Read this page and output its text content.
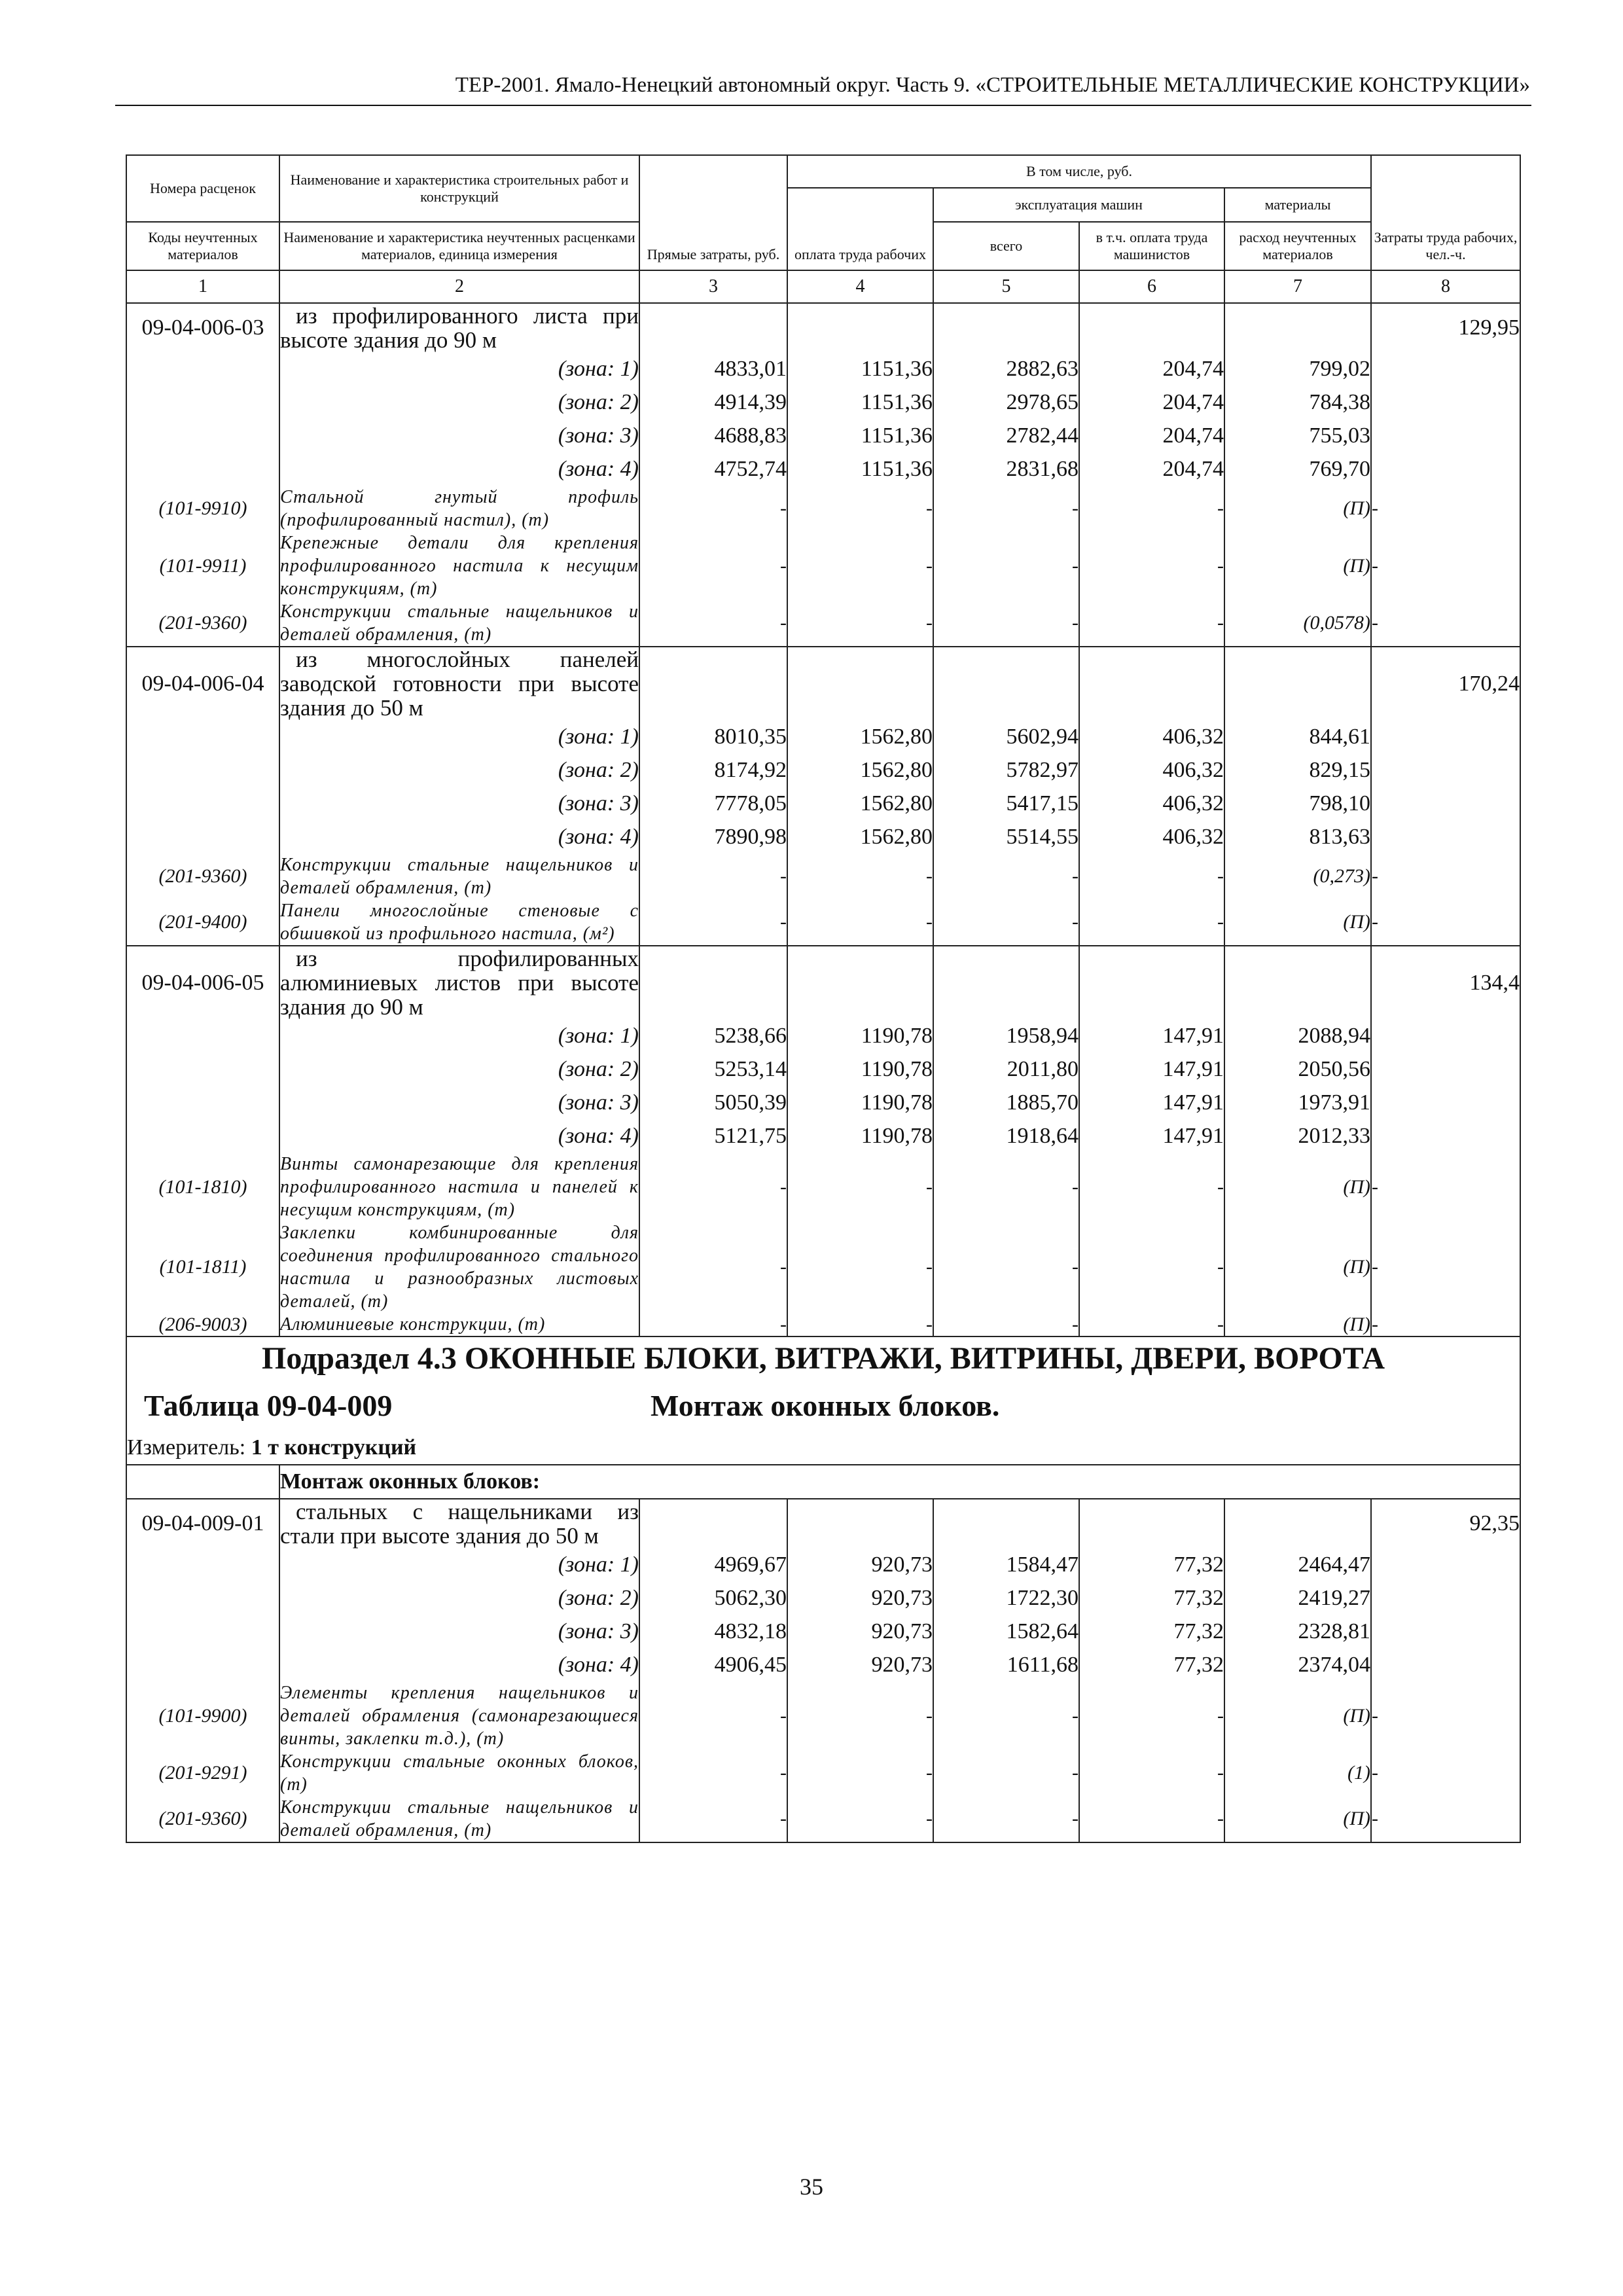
ТЕР-2001. Ямало-Ненецкий автономный округ. Часть 9. «СТРОИТЕЛЬНЫЕ МЕТАЛЛИЧЕСКИЕ КОНСТРУКЦИИ»
Номера расценок	Наименование и характеристика строительных работ и конструкций	Прямые затраты, руб.	В том числе, руб.				Затраты труда рабочих, чел.-ч.
			оплата труда рабочих	эксплуатация машин		материалы	
Коды неучтенных материалов	Наименование и характеристика неучтенных расценками материалов, единица измерения			всего	в т.ч. оплата труда машинистов	расход неучтенных материалов	
1	2	3	4	5	6	7	8
09-04-006-03	из профилированного листа при высоте здания до 90 м						129,95
	(зона: 1)	4833,01	1151,36	2882,63	204,74	799,02	
	(зона: 2)	4914,39	1151,36	2978,65	204,74	784,38	
	(зона: 3)	4688,83	1151,36	2782,44	204,74	755,03	
	(зона: 4)	4752,74	1151,36	2831,68	204,74	769,70	
(101-9910)	Стальной гнутый профиль (профилированный настил), (т)	-	-	-	-	(П)	-
(101-9911)	Крепежные детали для крепления профилированного настила к несущим конструкциям, (т)	-	-	-	-	(П)	-
(201-9360)	Конструкции стальные нащельников и деталей обрамления, (т)	-	-	-	-	(0,0578)	-
09-04-006-04	из многослойных панелей заводской готовности при высоте здания до 50 м						170,24
	(зона: 1)	8010,35	1562,80	5602,94	406,32	844,61	
	(зона: 2)	8174,92	1562,80	5782,97	406,32	829,15	
	(зона: 3)	7778,05	1562,80	5417,15	406,32	798,10	
	(зона: 4)	7890,98	1562,80	5514,55	406,32	813,63	
(201-9360)	Конструкции стальные нащельников и деталей обрамления, (т)	-	-	-	-	(0,273)	-
(201-9400)	Панели многослойные стеновые с обшивкой из профильного настила, (м²)	-	-	-	-	(П)	-
09-04-006-05	из профилированных алюминиевых листов при высоте здания до 90 м						134,4
	(зона: 1)	5238,66	1190,78	1958,94	147,91	2088,94	
	(зона: 2)	5253,14	1190,78	2011,80	147,91	2050,56	
	(зона: 3)	5050,39	1190,78	1885,70	147,91	1973,91	
	(зона: 4)	5121,75	1190,78	1918,64	147,91	2012,33	
(101-1810)	Винты самонарезающие для крепления профилированного настила и панелей к несущим конструкциям, (т)	-	-	-	-	(П)	-
(101-1811)	Заклепки комбинированные для соединения профилированного стального настила и разнообразных листовых деталей, (т)	-	-	-	-	(П)	-
(206-9003)	Алюминиевые конструкции, (т)	-	-	-	-	(П)	-
Подраздел 4.3 ОКОННЫЕ БЛОКИ, ВИТРАЖИ, ВИТРИНЫ, ДВЕРИ, ВОРОТА							

Таблица 09-04-009 Монтаж оконных блоков.							

Измеритель: 1 т конструкций							
	Монтаж оконных блоков:						
09-04-009-01	стальных с нащельниками из стали при высоте здания до 50 м						92,35
	(зона: 1)	4969,67	920,73	1584,47	77,32	2464,47	
	(зона: 2)	5062,30	920,73	1722,30	77,32	2419,27	
	(зона: 3)	4832,18	920,73	1582,64	77,32	2328,81	
	(зона: 4)	4906,45	920,73	1611,68	77,32	2374,04	
(101-9900)	Элементы крепления нащельников и деталей обрамления (самонарезающиеся винты, заклепки т.д.), (т)	-	-	-	-	(П)	-
(201-9291)	Конструкции стальные оконных блоков, (т)	-	-	-	-	(1)	-
(201-9360)	Конструкции стальные нащельников и деталей обрамления, (т)	-	-	-	-	(П)	-
35
